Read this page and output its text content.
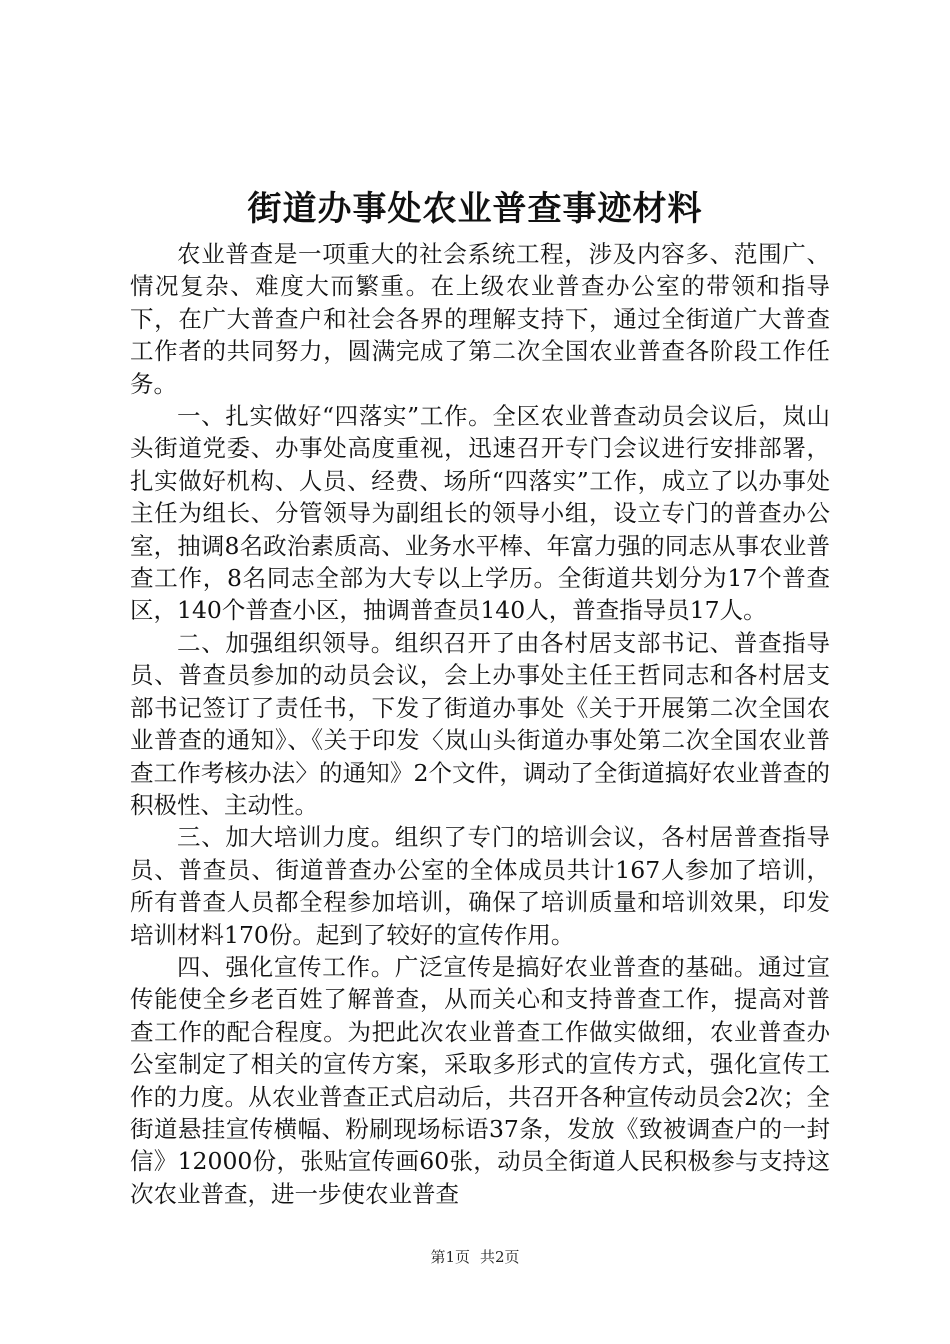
街道办事处农业普查事迹材料

农业普查是一项重大的社会系统工程，涉及内容多、范围广、情况复杂、难度大而繁重。在上级农业普查办公室的带领和指导下，在广大普查户和社会各界的理解支持下，通过全街道广大普查工作者的共同努力，圆满完成了第二次全国农业普查各阶段工作任务。

一、扎实做好“四落实”工作。全区农业普查动员会议后，岚山头街道党委、办事处高度重视，迅速召开专门会议进行安排部署，扎实做好机构、人员、经费、场所“四落实”工作，成立了以办事处主任为组长、分管领导为副组长的领导小组，设立专门的普查办公室，抽调8名政治素质高、业务水平棒、年富力强的同志从事农业普查工作，8名同志全部为大专以上学历。全街道共划分为17个普查区，140个普查小区，抽调普查员140人，普查指导员17人。

二、加强组织领导。组织召开了由各村居支部书记、普查指导员、普查员参加的动员会议，会上办事处主任王哲同志和各村居支部书记签订了责任书，下发了街道办事处《关于开展第二次全国农业普查的通知》、《关于印发〈岚山头街道办事处第二次全国农业普查工作考核办法〉的通知》2个文件，调动了全街道搞好农业普查的积极性、主动性。

三、加大培训力度。组织了专门的培训会议，各村居普查指导员、普查员、街道普查办公室的全体成员共计167人参加了培训，所有普查人员都全程参加培训，确保了培训质量和培训效果，印发培训材料170份。起到了较好的宣传作用。

四、强化宣传工作。广泛宣传是搞好农业普查的基础。通过宣传能使全乡老百姓了解普查，从而关心和支持普查工作，提高对普查工作的配合程度。为把此次农业普查工作做实做细，农业普查办公室制定了相关的宣传方案，采取多形式的宣传方式，强化宣传工作的力度。从农业普查正式启动后，共召开各种宣传动员会2次；全街道悬挂宣传横幅、粉刷现场标语37条，发放《致被调查户的一封信》12000份，张贴宣传画60张，动员全街道人民积极参与支持这次农业普查，进一步使农业普查

第1页 共2页
